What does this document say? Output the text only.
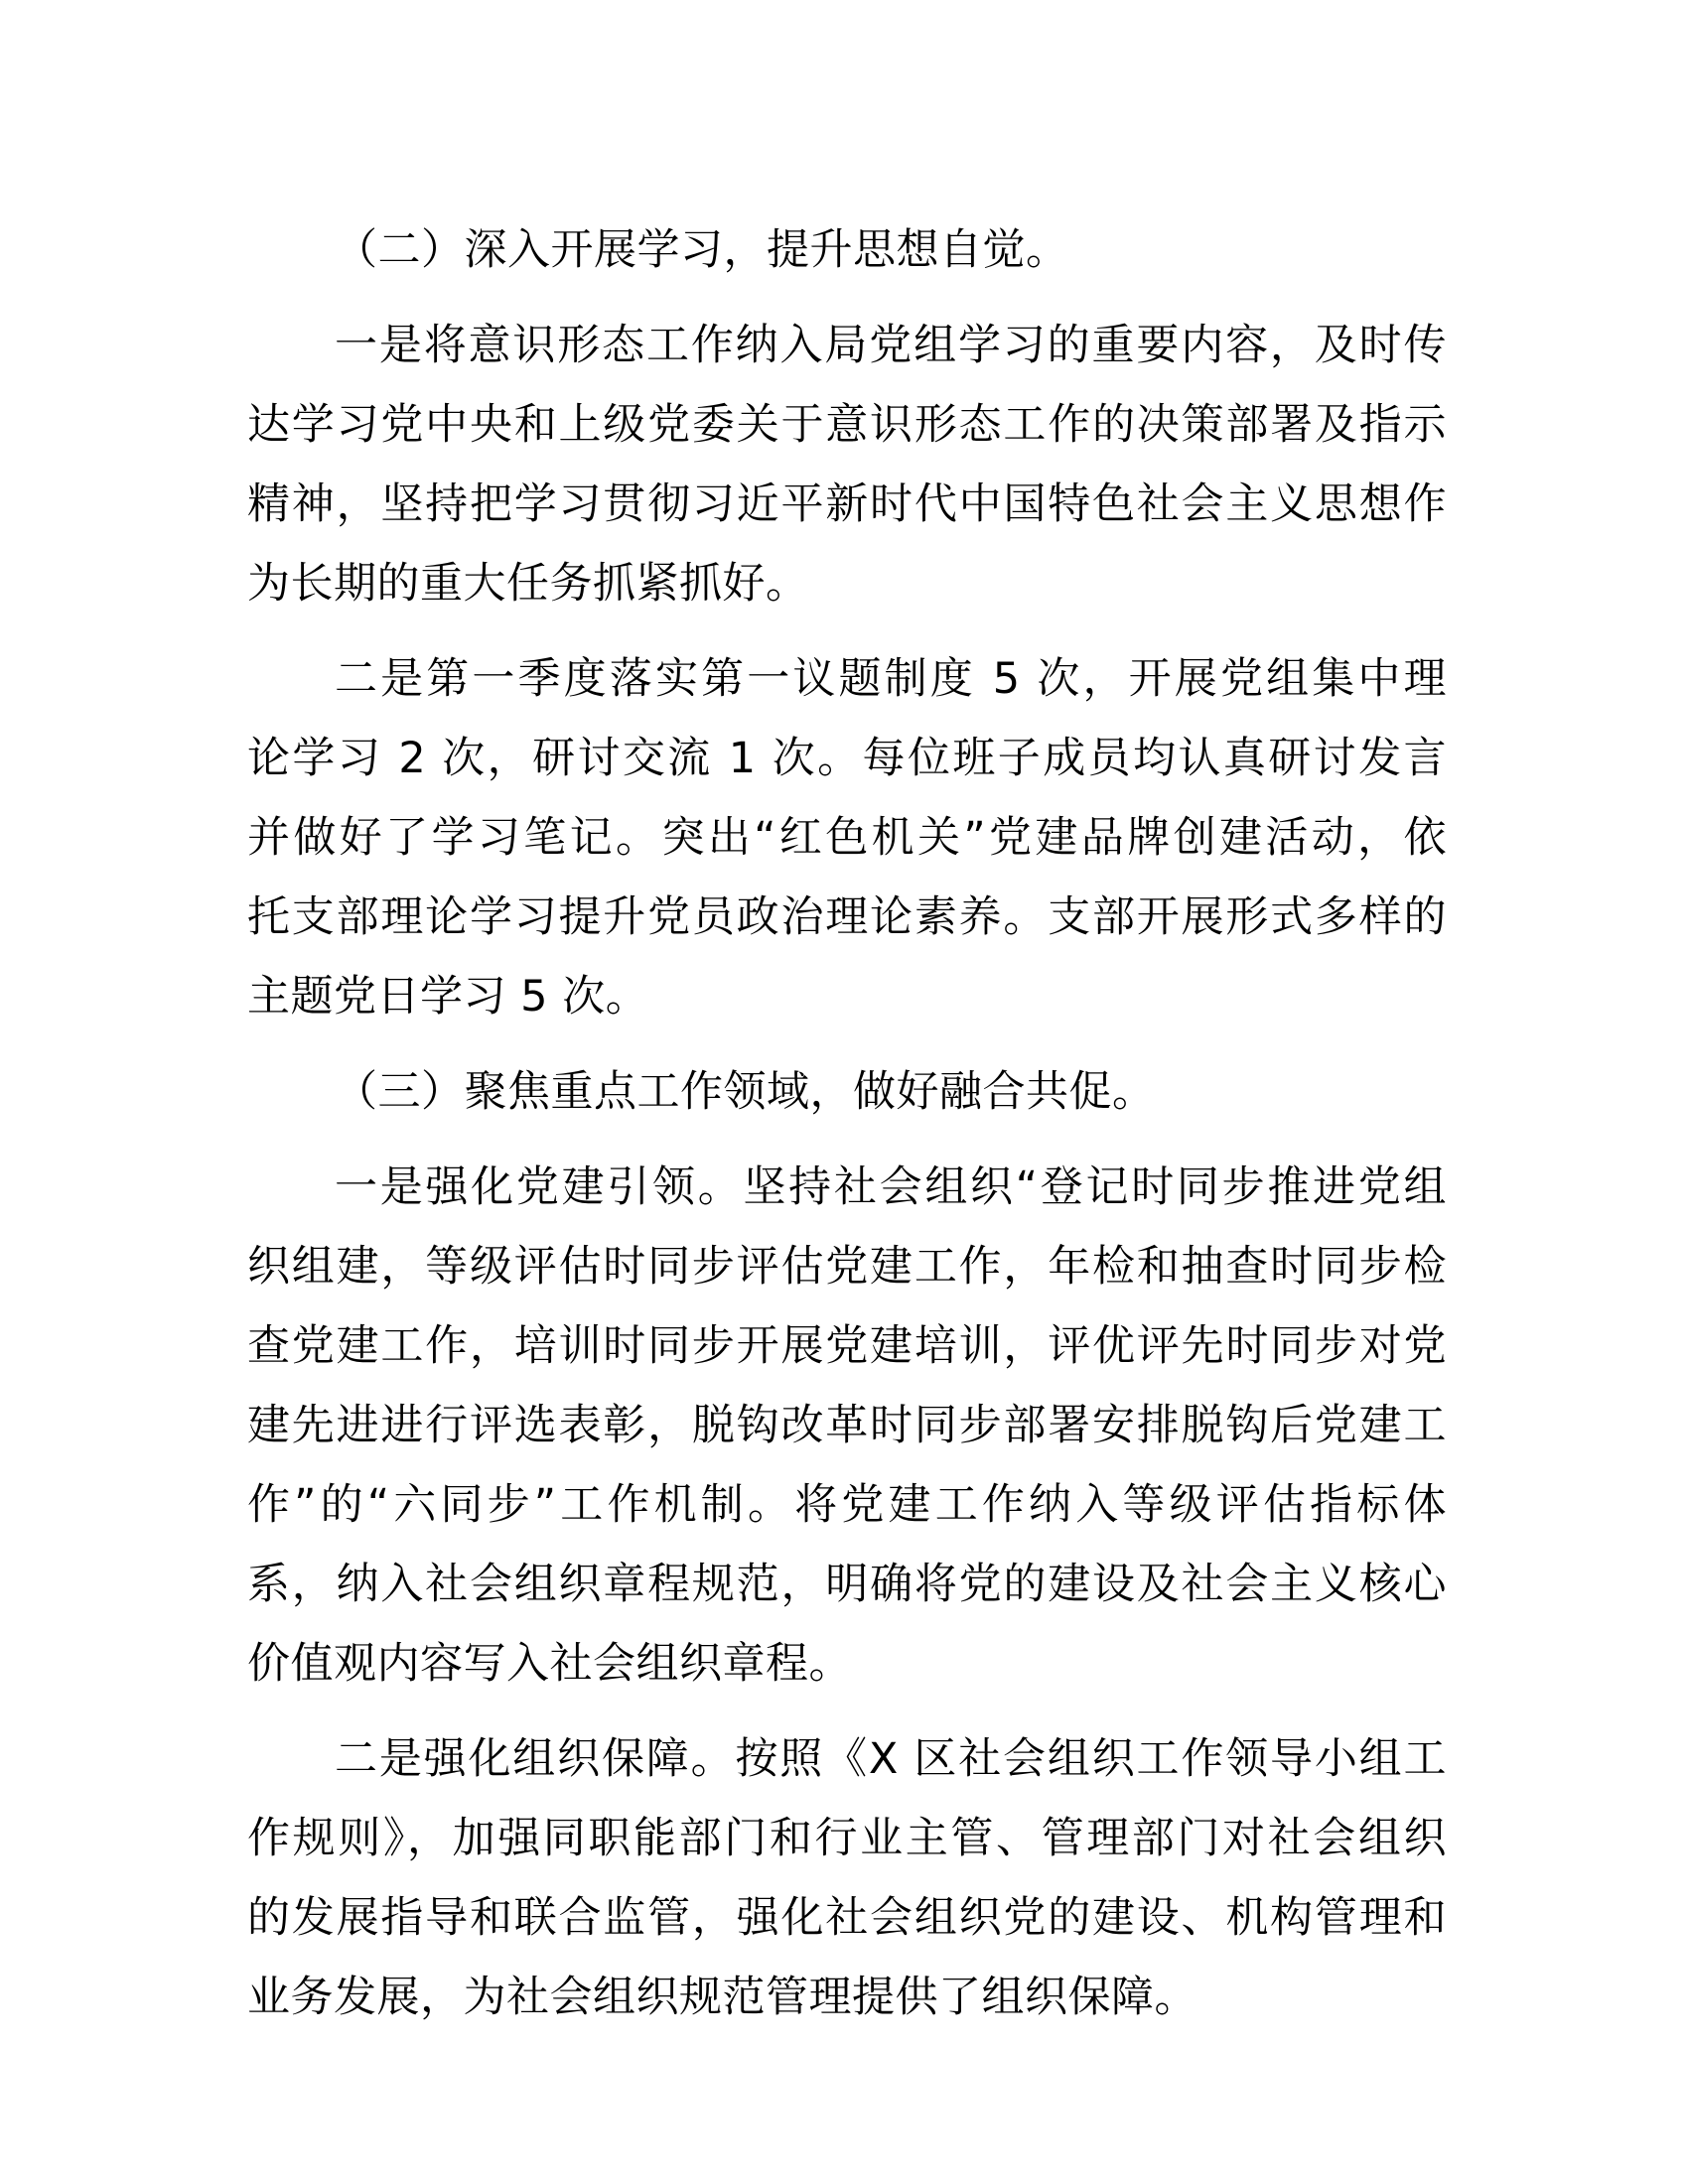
（二）深入开展学习，提升思想自觉。

一是将意识形态工作纳入局党组学习的重要内容，及时传
达学习党中央和上级党委关于意识形态工作的决策部署及指示
精神，坚持把学习贯彻习近平新时代中国特色社会主义思想作
为长期的重大任务抓紧抓好。

二是第一季度落实第一议题制度 5 次，开展党组集中理
论学习 2 次，研讨交流 1 次。每位班子成员均认真研讨发言
并做好了学习笔记。突出“红色机关”党建品牌创建活动，依
托支部理论学习提升党员政治理论素养。支部开展形式多样的
主题党日学习 5 次。

（三）聚焦重点工作领域，做好融合共促。

一是强化党建引领。坚持社会组织“登记时同步推进党组
织组建，等级评估时同步评估党建工作，年检和抽查时同步检
查党建工作，培训时同步开展党建培训，评优评先时同步对党
建先进进行评选表彰，脱钩改革时同步部署安排脱钩后党建工
作”的“六同步”工作机制。将党建工作纳入等级评估指标体
系，纳入社会组织章程规范，明确将党的建设及社会主义核心
价值观内容写入社会组织章程。

二是强化组织保障。按照《X 区社会组织工作领导小组工
作规则》，加强同职能部门和行业主管、管理部门对社会组织
的发展指导和联合监管，强化社会组织党的建设、机构管理和
业务发展，为社会组织规范管理提供了组织保障。
